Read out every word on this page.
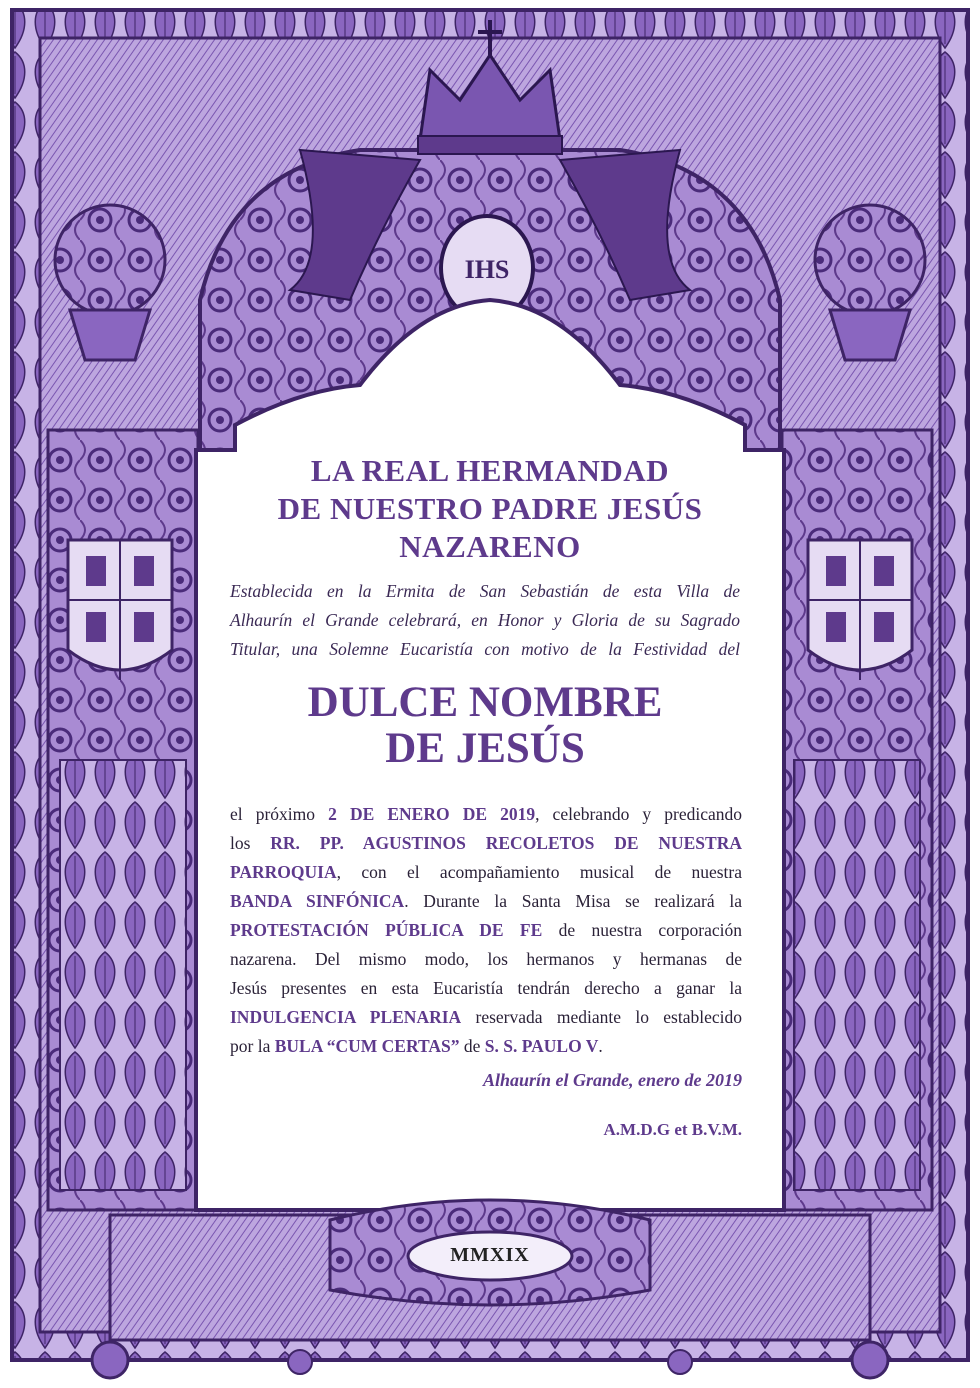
IHS
LA REAL HERMANDAD
DE NUESTRO PADRE JESÚS
NAZARENO
Establecida en la Ermita de San Sebastián de esta Villa de
Alhaurín el Grande celebrará, en Honor y Gloria de su Sagrado
Titular, una Solemne Eucaristía con motivo de la Festividad del
DULCE NOMBRE
DE JESÚS
el próximo 2 DE ENERO DE 2019, celebrando y predicando
los RR. PP. AGUSTINOS RECOLETOS DE NUESTRA
PARROQUIA, con el acompañamiento musical de nuestra
BANDA SINFÓNICA. Durante la Santa Misa se realizará la
PROTESTACIÓN PÚBLICA DE FE de nuestra corporación
nazarena. Del mismo modo, los hermanos y hermanas de
Jesús presentes en esta Eucaristía tendrán derecho a ganar la
INDULGENCIA PLENARIA reservada mediante lo establecido
por la BULA “CUM CERTAS” de S. S. PAULO V.
Alhaurín el Grande, enero de 2019
A.M.D.G et B.V.M.
MMXIX
